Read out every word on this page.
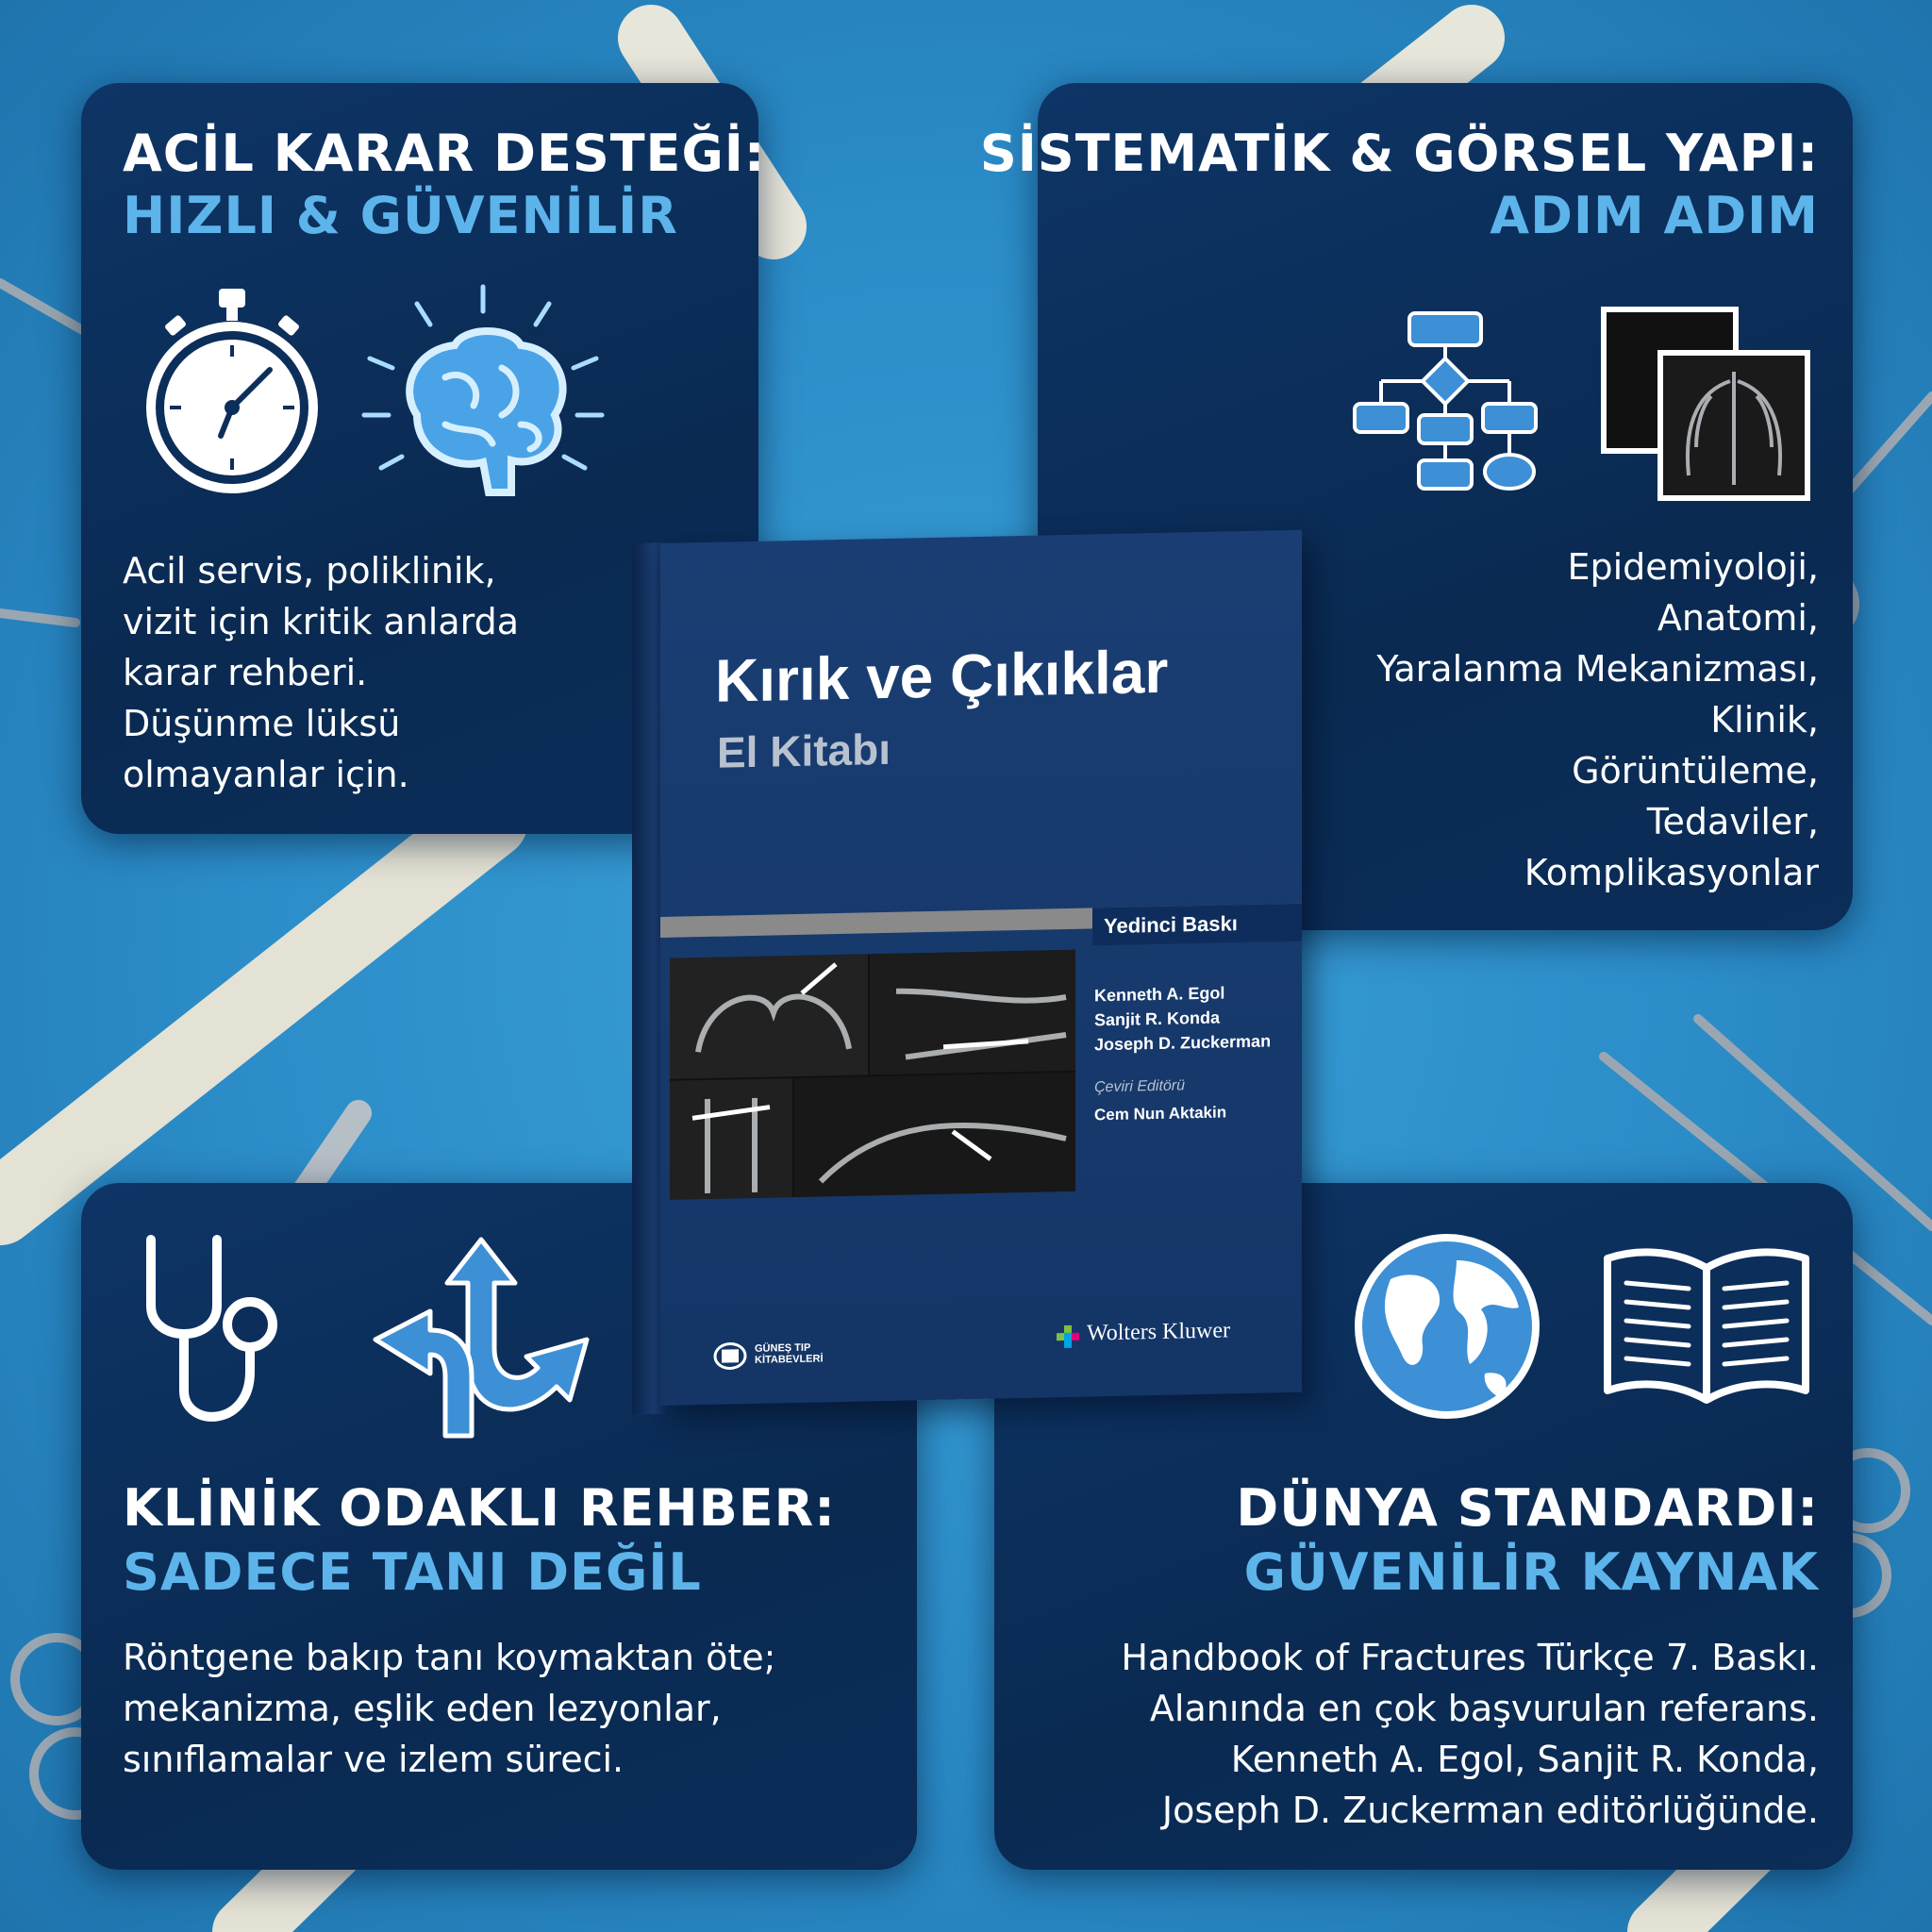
ACİL KARAR DESTEĞİ:
HIZLI & GÜVENİLİR
Acil servis, poliklinik,
vizit için kritik anlarda
karar rehberi.
Düşünme lüksü
olmayanlar için.
SİSTEMATİK & GÖRSEL YAPI:
ADIM ADIM
Epidemiyoloji,
Anatomi,
Yaralanma Mekanizması,
Klinik,
Görüntüleme,
Tedaviler,
Komplikasyonlar
KLİNİK ODAKLI REHBER:
SADECE TANI DEĞİL
Röntgene bakıp tanı koymaktan öte;
mekanizma, eşlik eden lezyonlar,
sınıflamalar ve izlem süreci.
DÜNYA STANDARDI:
GÜVENİLİR KAYNAK
Handbook of Fractures Türkçe 7. Baskı.
Alanında en çok başvurulan referans.
Kenneth A. Egol, Sanjit R. Konda,
Joseph D. Zuckerman editörlüğünde.
Kırık ve Çıkıklar
El Kitabı
Yedinci Baskı
Kenneth A. Egol
Sanjit R. Konda
Joseph D. Zuckerman
Çeviri Editörü
Cem Nun Aktakin
GÜNEŞ TIP
KİTABEVLERİ
Wolters Kluwer
